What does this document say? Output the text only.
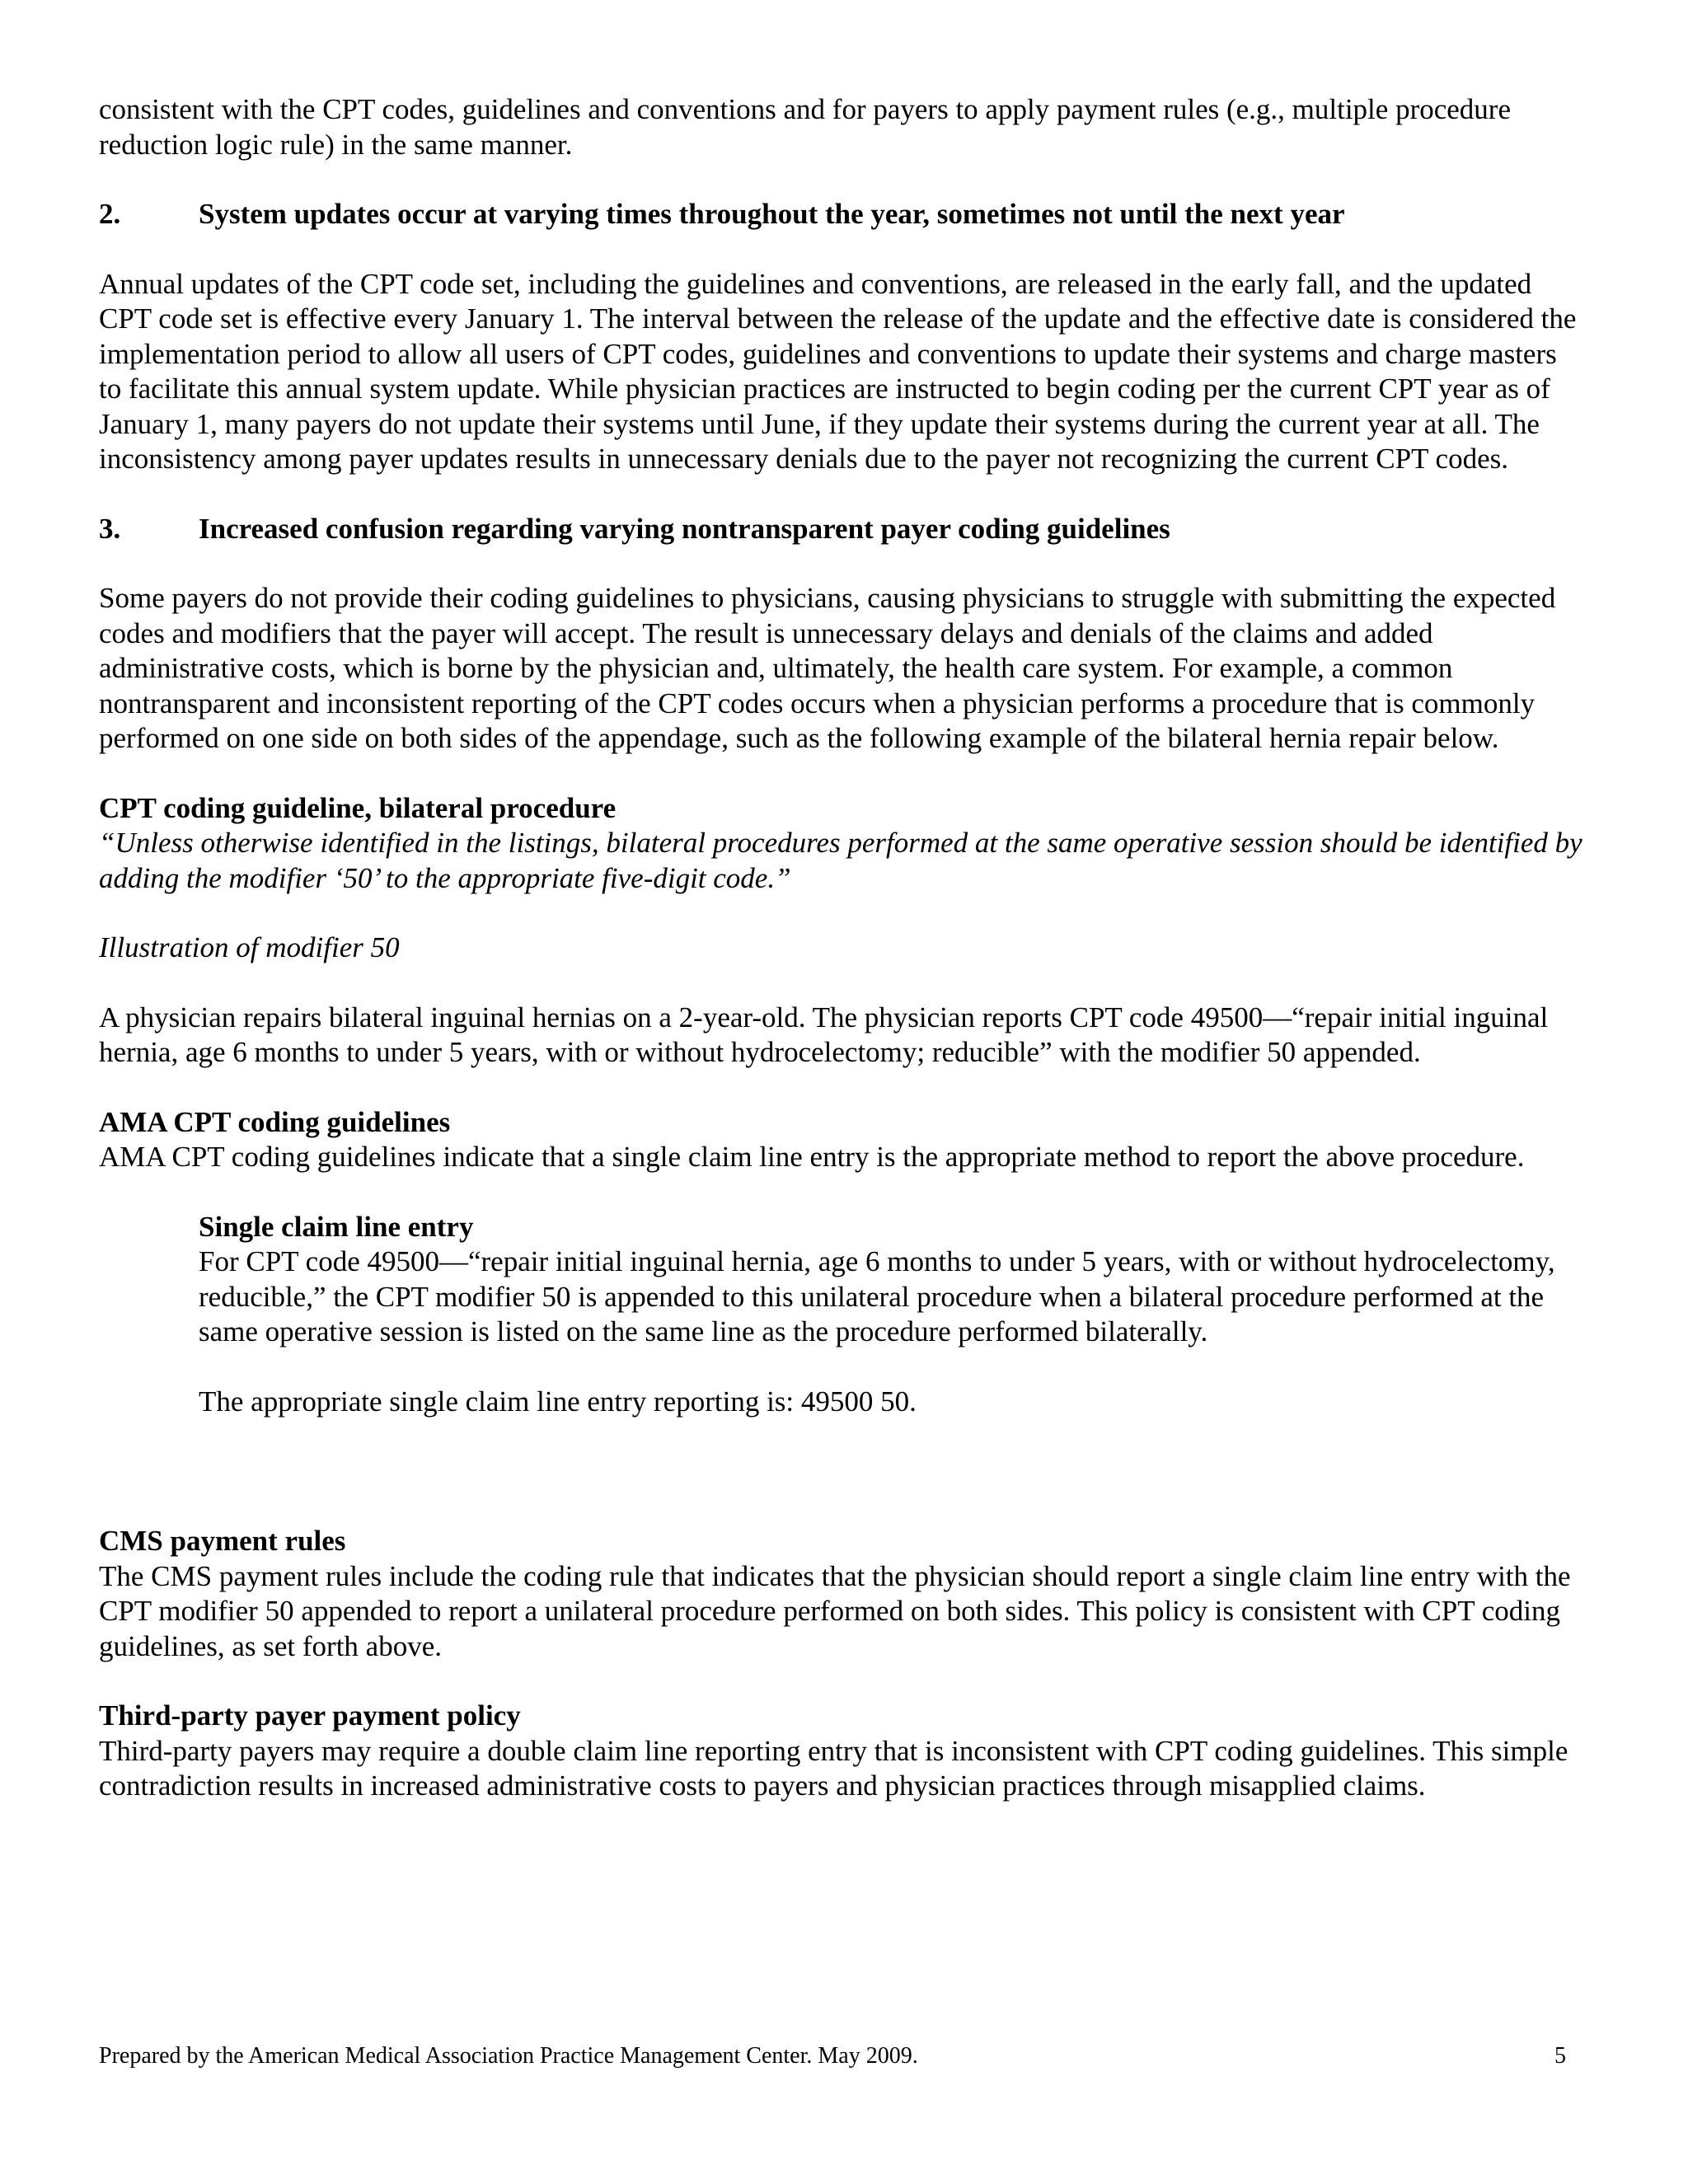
consistent with the CPT codes, guidelines and conventions and for payers to apply payment rules (e.g., multiple procedure reduction logic rule) in the same manner.

2.	System updates occur at varying times throughout the year, sometimes not until the next year

Annual updates of the CPT code set, including the guidelines and conventions, are released in the early fall, and the updated CPT code set is effective every January 1. The interval between the release of the update and the effective date is considered the implementation period to allow all users of CPT codes, guidelines and conventions to update their systems and charge masters to facilitate this annual system update. While physician practices are instructed to begin coding per the current CPT year as of January 1, many payers do not update their systems until June, if they update their systems during the current year at all. The inconsistency among payer updates results in unnecessary denials due to the payer not recognizing the current CPT codes.

3.	Increased confusion regarding varying nontransparent payer coding guidelines

Some payers do not provide their coding guidelines to physicians, causing physicians to struggle with submitting the expected codes and modifiers that the payer will accept. The result is unnecessary delays and denials of the claims and added administrative costs, which is borne by the physician and, ultimately, the health care system. For example, a common nontransparent and inconsistent reporting of the CPT codes occurs when a physician performs a procedure that is commonly performed on one side on both sides of the appendage, such as the following example of the bilateral hernia repair below.

CPT coding guideline, bilateral procedure

“Unless otherwise identified in the listings, bilateral procedures performed at the same operative session should be identified by adding the modifier ‘50’ to the appropriate five-digit code.”

Illustration of modifier 50

A physician repairs bilateral inguinal hernias on a 2-year-old. The physician reports CPT code 49500—“repair initial inguinal hernia, age 6 months to under 5 years, with or without hydrocelectomy; reducible” with the modifier 50 appended.

AMA CPT coding guidelines

AMA CPT coding guidelines indicate that a single claim line entry is the appropriate method to report the above procedure.

Single claim line entry

For CPT code 49500—“repair initial inguinal hernia, age 6 months to under 5 years, with or without hydrocelectomy, reducible,” the CPT modifier 50 is appended to this unilateral procedure when a bilateral procedure performed at the same operative session is listed on the same line as the procedure performed bilaterally.

The appropriate single claim line entry reporting is: 49500 50.

CMS payment rules

The CMS payment rules include the coding rule that indicates that the physician should report a single claim line entry with the CPT modifier 50 appended to report a unilateral procedure performed on both sides. This policy is consistent with CPT coding guidelines, as set forth above.

Third-party payer payment policy

Third-party payers may require a double claim line reporting entry that is inconsistent with CPT coding guidelines. This simple contradiction results in increased administrative costs to payers and physician practices through misapplied claims.

Prepared by the American Medical Association Practice Management Center. May 2009.	5
